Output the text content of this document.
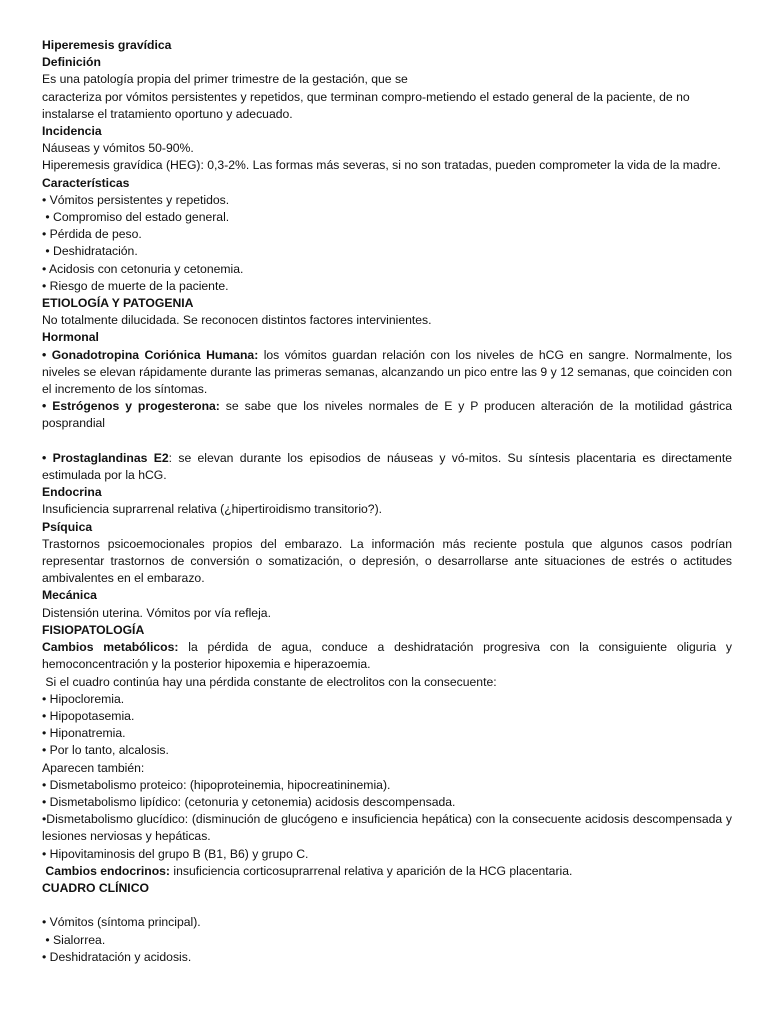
Hiperemesis gravídica
Definición
Es una patología propia del primer trimestre de la gestación, que se
caracteriza por vómitos persistentes y repetidos, que terminan compro-metiendo el estado general de la paciente, de no instalarse el tratamiento oportuno y adecuado.
Incidencia
Náuseas y vómitos 50-90%.
Hiperemesis gravídica (HEG): 0,3-2%. Las formas más severas, si no son tratadas, pueden comprometer la vida de la madre.
Características
• Vómitos persistentes y repetidos.
• Compromiso del estado general.
• Pérdida de peso.
• Deshidratación.
• Acidosis con cetonuria y cetonemia.
• Riesgo de muerte de la paciente.
ETIOLOGÍA Y PATOGENIA
No totalmente dilucidada. Se reconocen distintos factores intervinientes.
Hormonal
• Gonadotropina Coriónica Humana: los vómitos guardan relación con los niveles de hCG en sangre. Normalmente, los niveles se elevan rápidamente durante las primeras semanas, alcanzando un pico entre las 9 y 12 semanas, que coinciden con el incremento de los síntomas.
• Estrógenos y progesterona: se sabe que los niveles normales de E y P producen alteración de la motilidad gástrica posprandial
• Prostaglandinas E2: se elevan durante los episodios de náuseas y vó-mitos. Su síntesis placentaria es directamente estimulada por la hCG.
Endocrina
Insuficiencia suprarrenal relativa (¿hipertiroidismo transitorio?).
Psíquica
Trastornos psicoemocionales propios del embarazo. La información más reciente postula que algunos casos podrían representar trastornos de conversión o somatización, o depresión, o desarrollarse ante situaciones de estrés o actitudes ambivalentes en el embarazo.
Mecánica
Distensión uterina. Vómitos por vía refleja.
FISIOPATOLOGÍA
Cambios metabólicos: la pérdida de agua, conduce a deshidratación progresiva con la consiguiente oliguria y hemoconcentración y la posterior hipoxemia e hiperazoemia.
Si el cuadro continúa hay una pérdida constante de electrolitos con la consecuente:
• Hipocloremia.
• Hipopotasemia.
• Hiponatremia.
• Por lo tanto, alcalosis.
Aparecen también:
• Dismetabolismo proteico: (hipoproteinemia, hipocreatininemia).
• Dismetabolismo lipídico: (cetonuria y cetonemia) acidosis descompensada.
•Dismetabolismo glucídico: (disminución de glucógeno e insuficiencia hepática) con la consecuente acidosis descompensada y lesiones nerviosas y hepáticas.
• Hipovitaminosis del grupo B (B1, B6) y grupo C.
Cambios endocrinos: insuficiencia corticosuprarrenal relativa y aparición de la HCG placentaria.
CUADRO CLÍNICO
• Vómitos (síntoma principal).
• Sialorrea.
• Deshidratación y acidosis.
